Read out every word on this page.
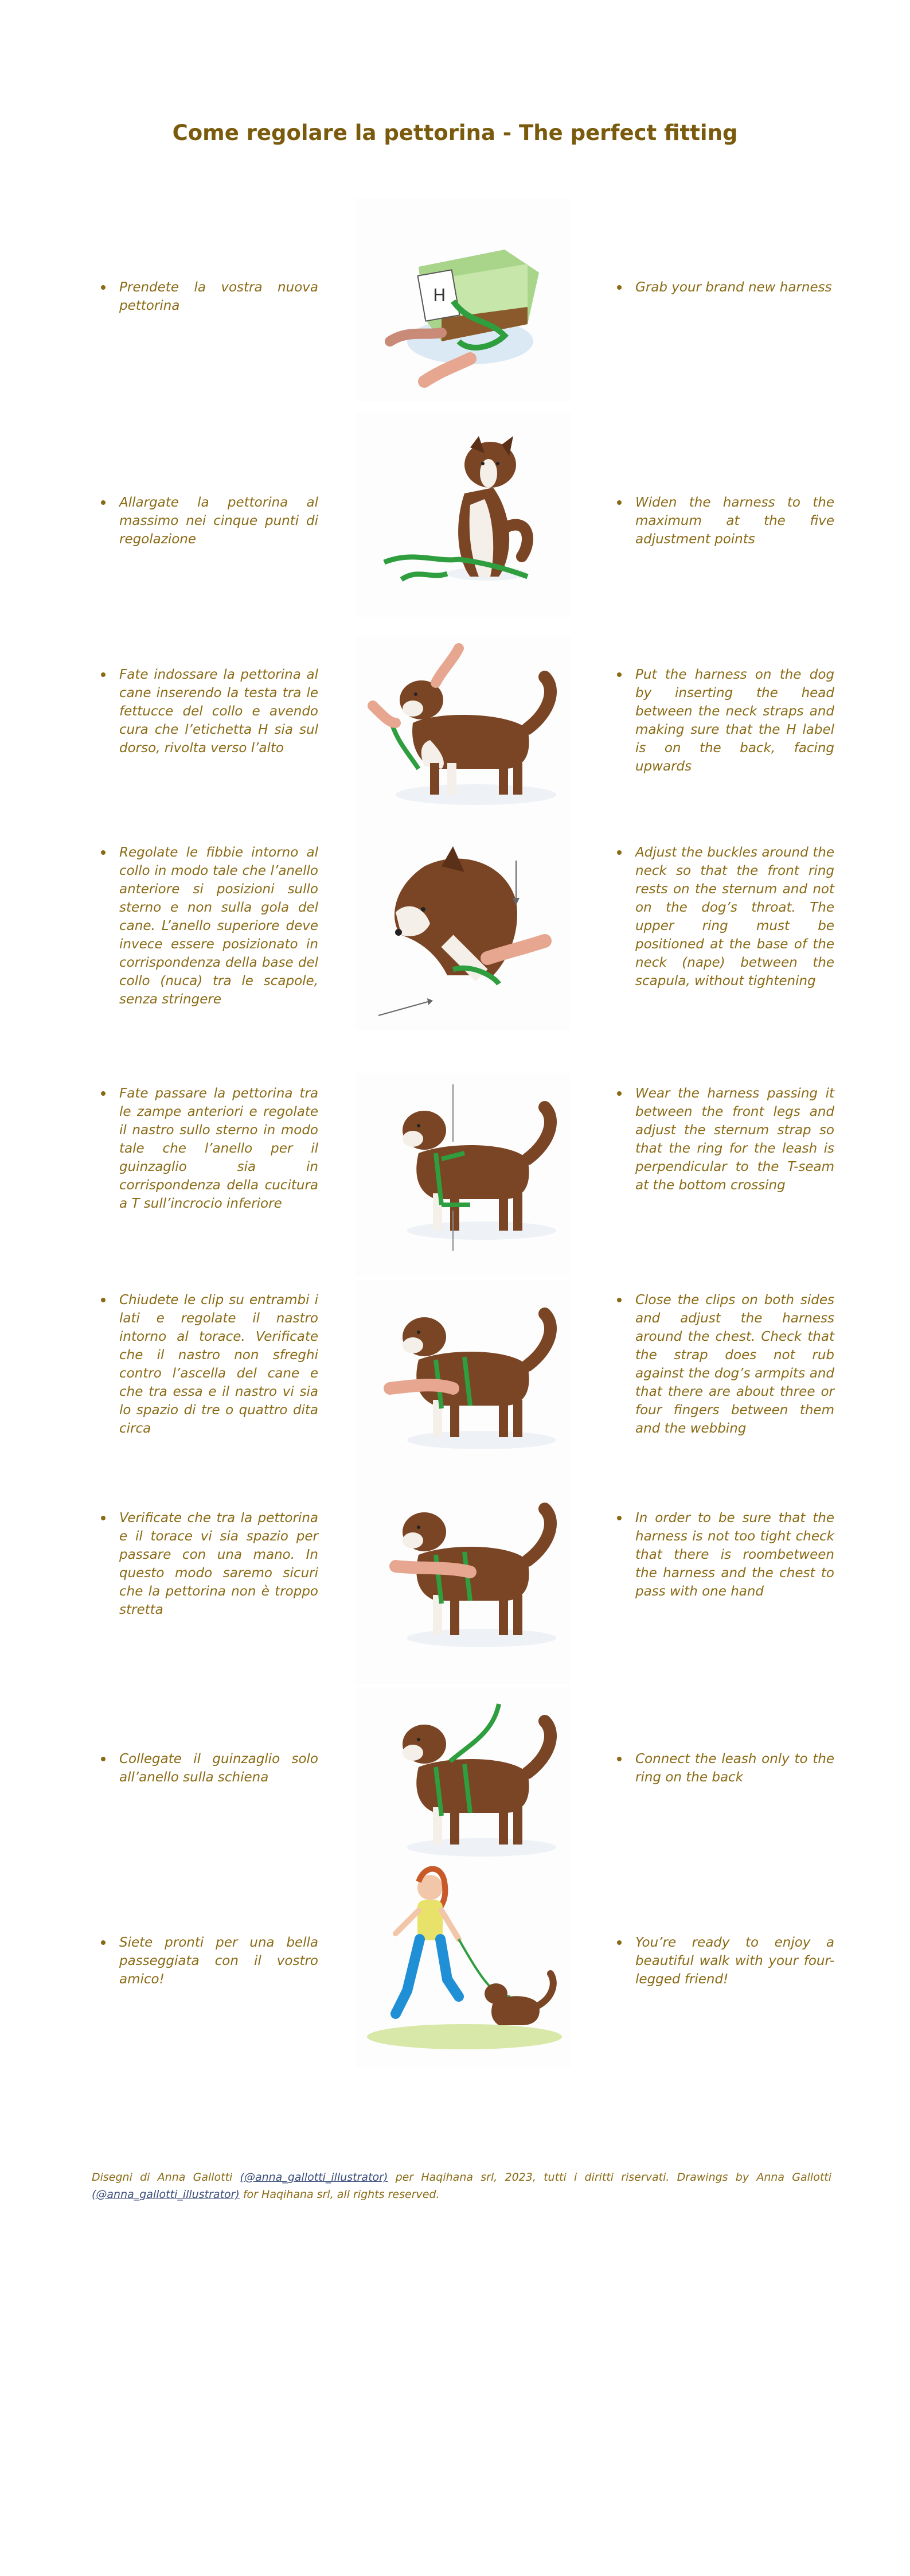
Come regolare la pettorina - The perfect fitting

Prendete la vostra nuova pettorina	H	Grab your brand new harness

Allargate la pettorina al massimo nei cinque punti di regolazione

Widen the harness to the maximum at the five adjustment points

Fate indossare la pettorina al cane inserendo la testa tra le fettucce del collo e avendo cura che l’etichetta H sia sul dorso, rivolta verso l’alto

Put the harness on the dog by inserting the head between the neck straps and making sure that the H label is on the back, facing upwards

Regolate le fibbie intorno al collo in modo tale che l’anello anteriore si posizioni sullo sterno e non sulla gola del cane. L’anello superiore deve invece essere posizionato in corrispondenza della base del collo (nuca) tra le scapole, senza stringere

Adjust the buckles around the neck so that the front ring rests on the sternum and not on the dog’s throat. The upper ring must be positioned at the base of the neck (nape) between the scapula, without tightening

Fate passare la pettorina tra le zampe anteriori e regolate il nastro sullo sterno in modo tale che l’anello per il guinzaglio sia in corrispondenza della cucitura a T sull’incrocio inferiore

Wear the harness passing it between the front legs and adjust the sternum strap so that the ring for the leash is perpendicular to the T-seam at the bottom crossing

Chiudete le clip su entrambi i lati e regolate il nastro intorno al torace. Verificate che il nastro non sfreghi contro l’ascella del cane e che tra essa e il nastro vi sia lo spazio di tre o quattro dita circa

Close the clips on both sides and adjust the harness around the chest. Check that the strap does not rub against the dog’s armpits and that there are about three or four fingers between them and the webbing

Verificate che tra la pettorina e il torace vi sia spazio per passare con una mano. In questo modo saremo sicuri che la pettorina non è troppo stretta

In order to be sure that the harness is not too tight check that there is roombetween the harness and the chest to pass with one hand

Collegate il guinzaglio solo all’anello sulla schiena

Connect the leash only to the ring on the back

Siete pronti per una bella passeggiata con il vostro amico!

You’re ready to enjoy a beautiful walk with your four-legged friend!

Disegni di Anna Gallotti (@anna_gallotti_illustrator) per Haqihana srl, 2023, tutti i diritti riservati. Drawings by Anna Gallotti (@anna_gallotti_illustrator) for Haqihana srl, all rights reserved.
